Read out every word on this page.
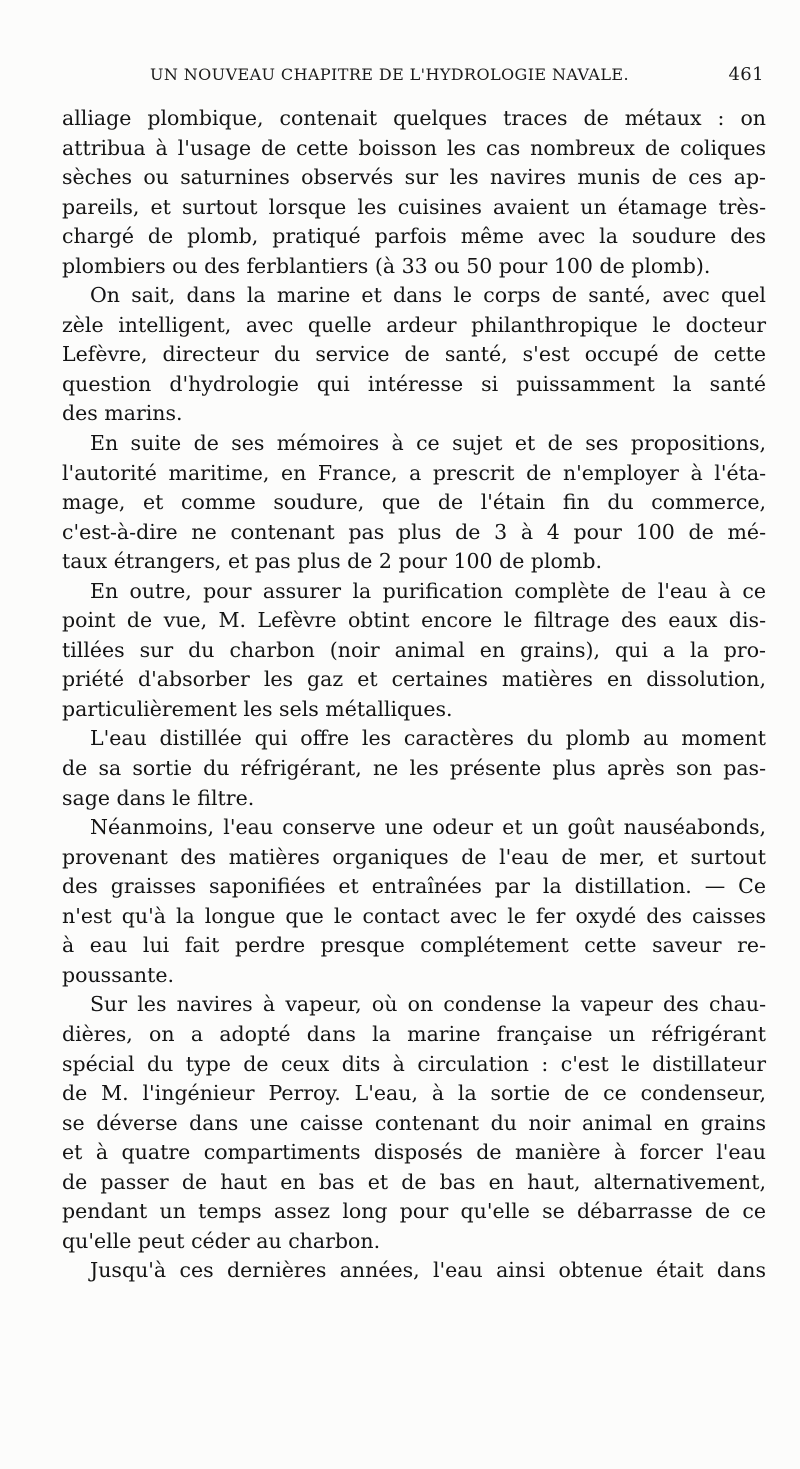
UN NOUVEAU CHAPITRE DE L'HYDROLOGIE NAVALE.	461

alliage plombique, contenait quelques traces de métaux : on
attribua à l'usage de cette boisson les cas nombreux de coliques
sèches ou saturnines observés sur les navires munis de ces ap-
pareils, et surtout lorsque les cuisines avaient un étamage très-
chargé de plomb, pratiqué parfois même avec la soudure des
plombiers ou des ferblantiers (à 33 ou 50 pour 100 de plomb).

On sait, dans la marine et dans le corps de santé, avec quel
zèle intelligent, avec quelle ardeur philanthropique le docteur
Lefèvre, directeur du service de santé, s'est occupé de cette
question d'hydrologie qui intéresse si puissamment la santé
des marins.

En suite de ses mémoires à ce sujet et de ses propositions,
l'autorité maritime, en France, a prescrit de n'employer à l'éta-
mage, et comme soudure, que de l'étain fin du commerce,
c'est-à-dire ne contenant pas plus de 3 à 4 pour 100 de mé-
taux étrangers, et pas plus de 2 pour 100 de plomb.

En outre, pour assurer la purification complète de l'eau à ce
point de vue, M. Lefèvre obtint encore le filtrage des eaux dis-
tillées sur du charbon (noir animal en grains), qui a la pro-
priété d'absorber les gaz et certaines matières en dissolution,
particulièrement les sels métalliques.

L'eau distillée qui offre les caractères du plomb au moment
de sa sortie du réfrigérant, ne les présente plus après son pas-
sage dans le filtre.

Néanmoins, l'eau conserve une odeur et un goût nauséabonds,
provenant des matières organiques de l'eau de mer, et surtout
des graisses saponifiées et entraînées par la distillation. — Ce
n'est qu'à la longue que le contact avec le fer oxydé des caisses
à eau lui fait perdre presque complétement cette saveur re-
poussante.

Sur les navires à vapeur, où on condense la vapeur des chau-
dières, on a adopté dans la marine française un réfrigérant
spécial du type de ceux dits à circulation : c'est le distillateur
de M. l'ingénieur Perroy. L'eau, à la sortie de ce condenseur,
se déverse dans une caisse contenant du noir animal en grains
et à quatre compartiments disposés de manière à forcer l'eau
de passer de haut en bas et de bas en haut, alternativement,
pendant un temps assez long pour qu'elle se débarrasse de ce
qu'elle peut céder au charbon.

Jusqu'à ces dernières années, l'eau ainsi obtenue était dans
